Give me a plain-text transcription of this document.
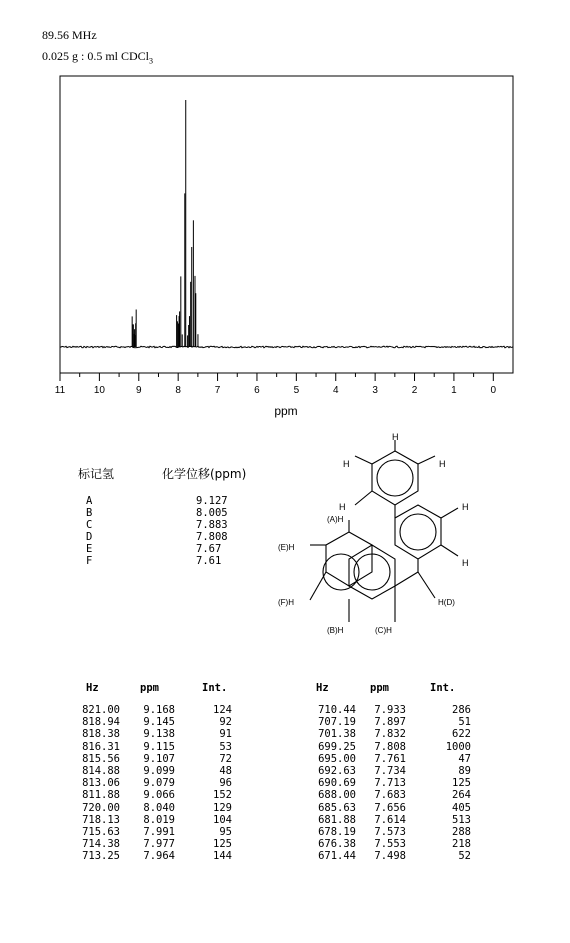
89.56 MHz
0.025 g : 0.5 ml CDCl$_3$
11	10	9	8	7	6	5	4	3	2	1	0
ppm
标记氢	化学位移(ppm)
A	9.127
B	8.005
C	7.883
D	7.808
E	7.67
F	7.61
H
H	H
H	H
H
(A)H
(E)H
(F)H	H(D)
(B)H	(C)H
Hz	ppm	Int.
821.00	9.168	124
818.94	9.145	92
818.38	9.138	91
816.31	9.115	53
815.56	9.107	72
814.88	9.099	48
813.06	9.079	96
811.88	9.066	152
720.00	8.040	129
718.13	8.019	104
715.63	7.991	95
714.38	7.977	125
713.25	7.964	144
Hz	ppm	Int.
710.44	7.933	286
707.19	7.897	51
701.38	7.832	622
699.25	7.808	1000
695.00	7.761	47
692.63	7.734	89
690.69	7.713	125
688.00	7.683	264
685.63	7.656	405
681.88	7.614	513
678.19	7.573	288
676.38	7.553	218
671.44	7.498	52
